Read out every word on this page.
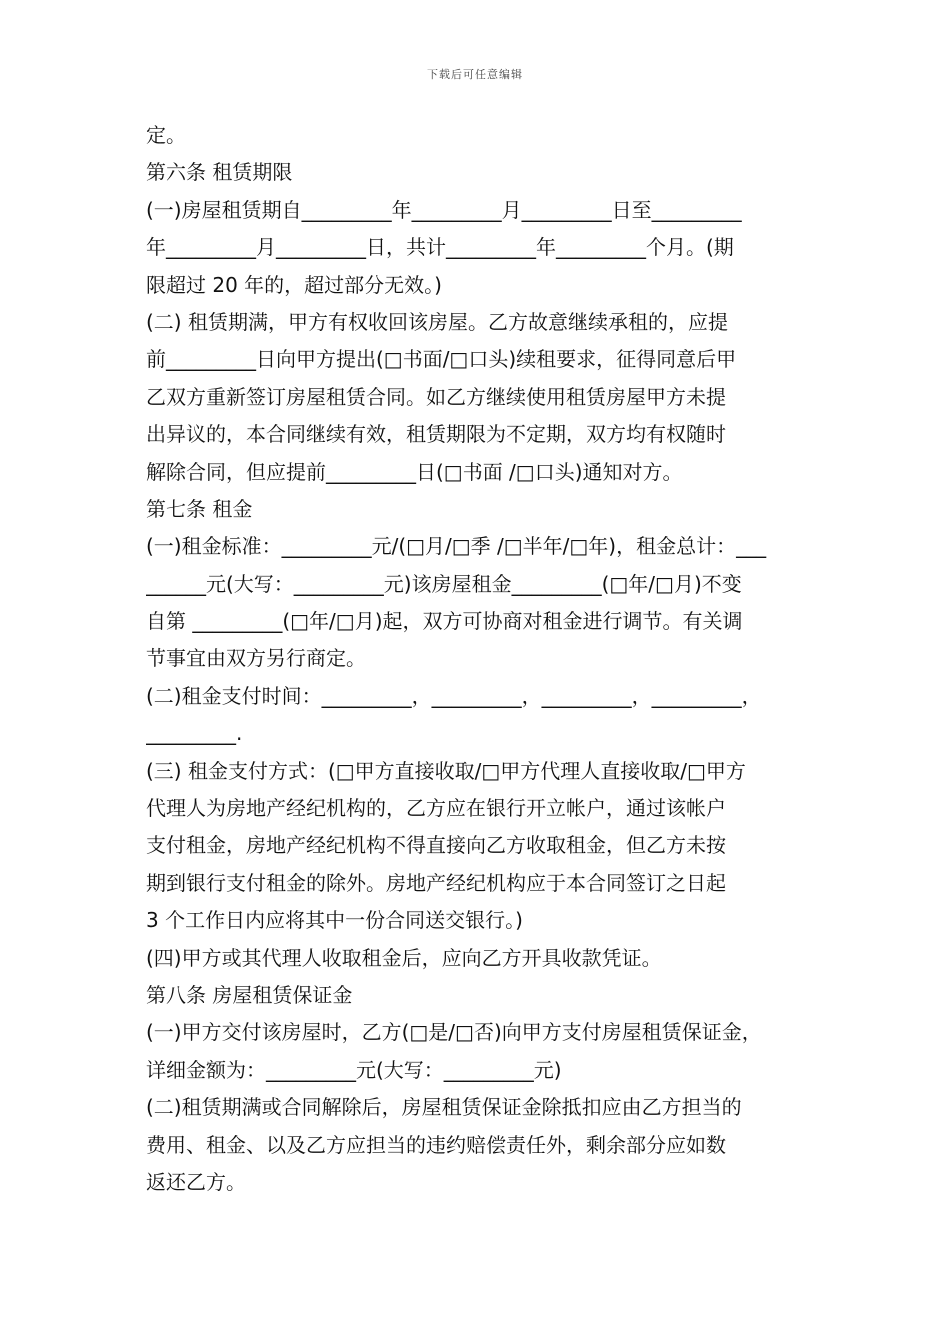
下载后可任意编辑
定。
第六条 租赁期限
(一)房屋租赁期自_________年_________月_________日至_________
年_________月_________日，共计_________年_________个月。(期
限超过 20 年的，超过部分无效。)
(二) 租赁期满，甲方有权收回该房屋。乙方故意继续承租的，应提
前_________日向甲方提出(□书面/□口头)续租要求，征得同意后甲
乙双方重新签订房屋租赁合同。如乙方继续使用租赁房屋甲方未提
出异议的，本合同继续有效，租赁期限为不定期，双方均有权随时
解除合同，但应提前_________日(□书面 /□口头)通知对方。
第七条 租金
(一)租金标准：_________元/(□月/□季 /□半年/□年)，租金总计：___
______元(大写：_________元)该房屋租金_________(□年/□月)不变
自第 _________(□年/□月)起，双方可协商对租金进行调节。有关调
节事宜由双方另行商定。
(二)租金支付时间：_________，_________，_________，_________，
_________.
(三) 租金支付方式：(□甲方直接收取/□甲方代理人直接收取/□甲方
代理人为房地产经纪机构的，乙方应在银行开立帐户，通过该帐户
支付租金，房地产经纪机构不得直接向乙方收取租金，但乙方未按
期到银行支付租金的除外。房地产经纪机构应于本合同签订之日起
3 个工作日内应将其中一份合同送交银行。)
(四)甲方或其代理人收取租金后，应向乙方开具收款凭证。
第八条 房屋租赁保证金
(一)甲方交付该房屋时，乙方(□是/□否)向甲方支付房屋租赁保证金，
详细金额为：_________元(大写：_________元)
(二)租赁期满或合同解除后，房屋租赁保证金除抵扣应由乙方担当的
费用、租金、以及乙方应担当的违约赔偿责任外，剩余部分应如数
返还乙方。
